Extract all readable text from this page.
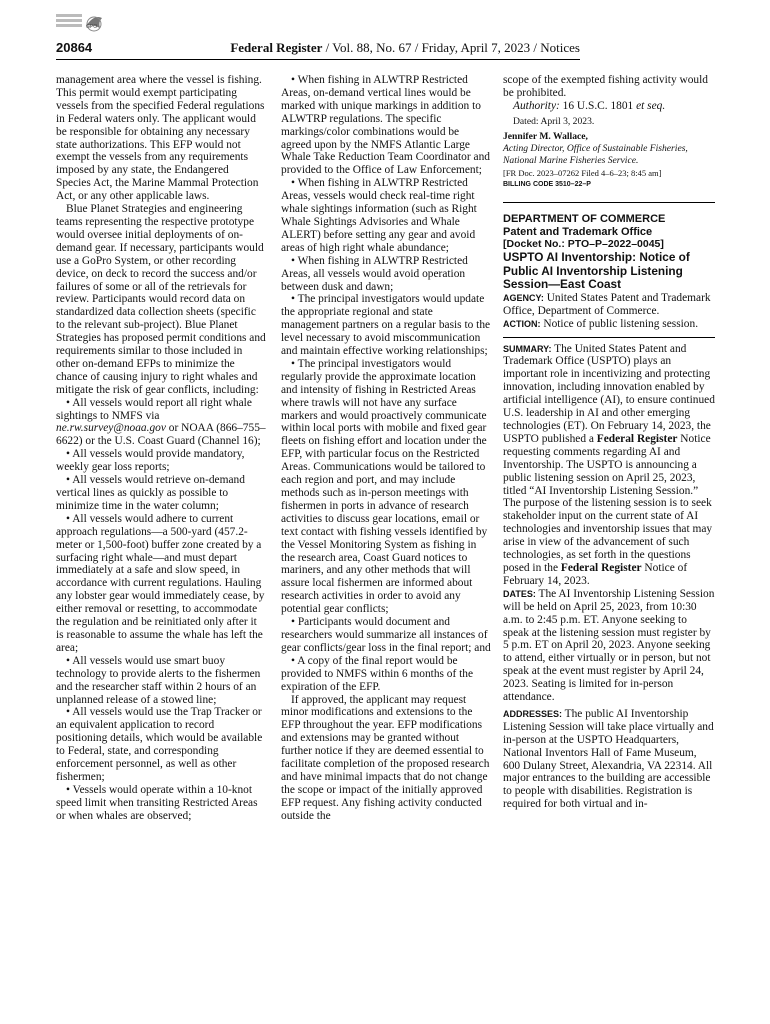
GPO
20864	Federal Register / Vol. 88, No. 67 / Friday, April 7, 2023 / Notices

management area where the vessel is fishing. This permit would exempt participating vessels from the specified Federal regulations in Federal waters only. The applicant would be responsible for obtaining any necessary state authorizations. This EFP would not exempt the vessels from any requirements imposed by any state, the Endangered Species Act, the Marine Mammal Protection Act, or any other applicable laws.

Blue Planet Strategies and engineering teams representing the respective prototype would oversee initial deployments of on-demand gear. If necessary, participants would use a GoPro System, or other recording device, on deck to record the success and/or failures of some or all of the retrievals for review. Participants would record data on standardized data collection sheets (specific to the relevant sub-project). Blue Planet Strategies has proposed permit conditions and requirements similar to those included in other on-demand EFPs to minimize the chance of causing injury to right whales and mitigate the risk of gear conflicts, including:

• All vessels would report all right whale sightings to NMFS via ne.rw.survey@noaa.gov or NOAA (866–755–6622) or the U.S. Coast Guard (Channel 16);

• All vessels would provide mandatory, weekly gear loss reports;

• All vessels would retrieve on-demand vertical lines as quickly as possible to minimize time in the water column;

• All vessels would adhere to current approach regulations—a 500-yard (457.2-meter or 1,500-foot) buffer zone created by a surfacing right whale—and must depart immediately at a safe and slow speed, in accordance with current regulations. Hauling any lobster gear would immediately cease, by either removal or resetting, to accommodate the regulation and be reinitiated only after it is reasonable to assume the whale has left the area;

• All vessels would use smart buoy technology to provide alerts to the fishermen and the researcher staff within 2 hours of an unplanned release of a stowed line;

• All vessels would use the Trap Tracker or an equivalent application to record positioning details, which would be available to Federal, state, and corresponding enforcement personnel, as well as other fishermen;

• Vessels would operate within a 10-knot speed limit when transiting Restricted Areas or when whales are observed;

• When fishing in ALWTRP Restricted Areas, on-demand vertical lines would be marked with unique markings in addition to ALWTRP regulations. The specific markings/color combinations would be agreed upon by the NMFS Atlantic Large Whale Take Reduction Team Coordinator and provided to the Office of Law Enforcement;

• When fishing in ALWTRP Restricted Areas, vessels would check real-time right whale sightings information (such as Right Whale Sightings Advisories and Whale ALERT) before setting any gear and avoid areas of high right whale abundance;

• When fishing in ALWTRP Restricted Areas, all vessels would avoid operation between dusk and dawn;

• The principal investigators would update the appropriate regional and state management partners on a regular basis to the level necessary to avoid miscommunication and maintain effective working relationships;

• The principal investigators would regularly provide the approximate location and intensity of fishing in Restricted Areas where trawls will not have any surface markers and would proactively communicate within local ports with mobile and fixed gear fleets on fishing effort and location under the EFP, with particular focus on the Restricted Areas. Communications would be tailored to each region and port, and may include methods such as in-person meetings with fishermen in ports in advance of research activities to discuss gear locations, email or text contact with fishing vessels identified by the Vessel Monitoring System as fishing in the research area, Coast Guard notices to mariners, and any other methods that will assure local fishermen are informed about research activities in order to avoid any potential gear conflicts;

• Participants would document and researchers would summarize all instances of gear conflicts/gear loss in the final report; and

• A copy of the final report would be provided to NMFS within 6 months of the expiration of the EFP.

If approved, the applicant may request minor modifications and extensions to the EFP throughout the year. EFP modifications and extensions may be granted without further notice if they are deemed essential to facilitate completion of the proposed research and have minimal impacts that do not change the scope or impact of the initially approved EFP request. Any fishing activity conducted outside the

scope of the exempted fishing activity would be prohibited.

Authority: 16 U.S.C. 1801 et seq.

Dated: April 3, 2023.

Jennifer M. Wallace,

Acting Director, Office of Sustainable Fisheries, National Marine Fisheries Service.

[FR Doc. 2023–07262 Filed 4–6–23; 8:45 am]

BILLING CODE 3510–22–P

DEPARTMENT OF COMMERCE

Patent and Trademark Office

[Docket No.: PTO–P–2022–0045]

USPTO AI Inventorship: Notice of Public AI Inventorship Listening Session—East Coast

AGENCY: United States Patent and Trademark Office, Department of Commerce.

ACTION: Notice of public listening session.

SUMMARY: The United States Patent and Trademark Office (USPTO) plays an important role in incentivizing and protecting innovation, including innovation enabled by artificial intelligence (AI), to ensure continued U.S. leadership in AI and other emerging technologies (ET). On February 14, 2023, the USPTO published a Federal Register Notice requesting comments regarding AI and Inventorship. The USPTO is announcing a public listening session on April 25, 2023, titled “AI Inventorship Listening Session.” The purpose of the listening session is to seek stakeholder input on the current state of AI technologies and inventorship issues that may arise in view of the advancement of such technologies, as set forth in the questions posed in the Federal Register Notice of February 14, 2023.

DATES: The AI Inventorship Listening Session will be held on April 25, 2023, from 10:30 a.m. to 2:45 p.m. ET. Anyone seeking to speak at the listening session must register by 5 p.m. ET on April 20, 2023. Anyone seeking to attend, either virtually or in person, but not speak at the event must register by April 24, 2023. Seating is limited for in-person attendance.

ADDRESSES: The public AI Inventorship Listening Session will take place virtually and in-person at the USPTO Headquarters, National Inventors Hall of Fame Museum, 600 Dulany Street, Alexandria, VA 22314. All major entrances to the building are accessible to people with disabilities. Registration is required for both virtual and in-
